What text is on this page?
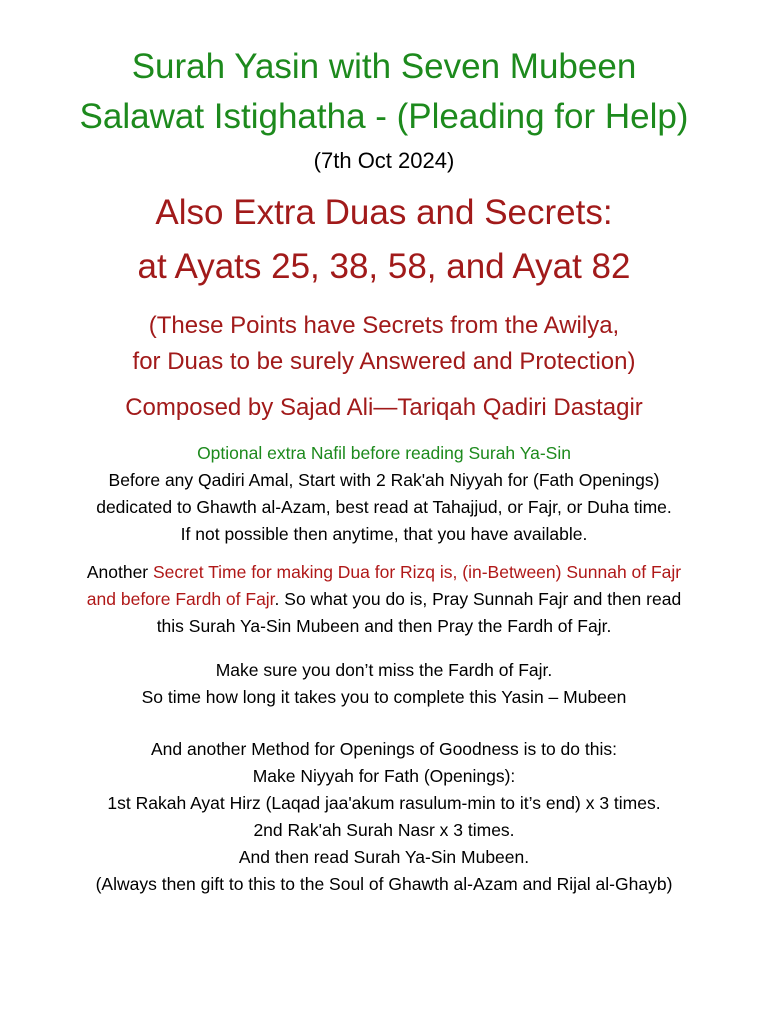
Surah Yasin with Seven Mubeen
Salawat Istighatha - (Pleading for Help)
(7th Oct 2024)
Also Extra Duas and Secrets:
at Ayats 25, 38, 58, and Ayat 82
(These Points have Secrets from the Awilya,
for Duas to be surely Answered and Protection)
Composed by Sajad Ali—Tariqah Qadiri Dastagir
Optional extra Nafil before reading Surah Ya-Sin
Before any Qadiri Amal, Start with 2 Rak'ah Niyyah for (Fath Openings)
dedicated to Ghawth al-Azam, best read at Tahajjud, or Fajr, or Duha time.
If not possible then anytime, that you have available.
Another Secret Time for making Dua for Rizq is, (in-Between) Sunnah of Fajr
and before Fardh of Fajr. So what you do is, Pray Sunnah Fajr and then read
this Surah Ya-Sin Mubeen and then Pray the Fardh of Fajr.
Make sure you don’t miss the Fardh of Fajr.
So time how long it takes you to complete this Yasin – Mubeen
And another Method for Openings of Goodness is to do this:
Make Niyyah for Fath (Openings):
1st Rakah Ayat Hirz (Laqad jaa'akum rasulum-min to it’s end) x 3 times.
2nd Rak'ah Surah Nasr x 3 times.
And then read Surah Ya-Sin Mubeen.
(Always then gift to this to the Soul of Ghawth al-Azam and Rijal al-Ghayb)
